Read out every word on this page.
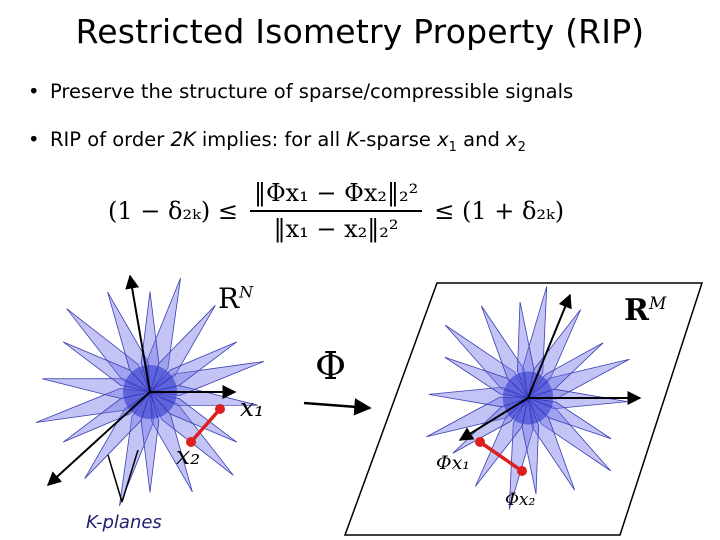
Restricted Isometry Property (RIP)
• Preserve the structure of sparse/compressible signals
• RIP of order 2K implies: for all K-sparse $x_1$ and $x_2$
$(1 - \delta_{2k}) \le \frac{\text{‖Φx₁ − Φx₂‖₂²}}{\text{‖x₁ − x₂‖₂²}} \le (1 + \delta_{2k})$
$R^N$
$R^M$
Φ
x₁
x₂	Φx₁
Φx₂
K-planes
